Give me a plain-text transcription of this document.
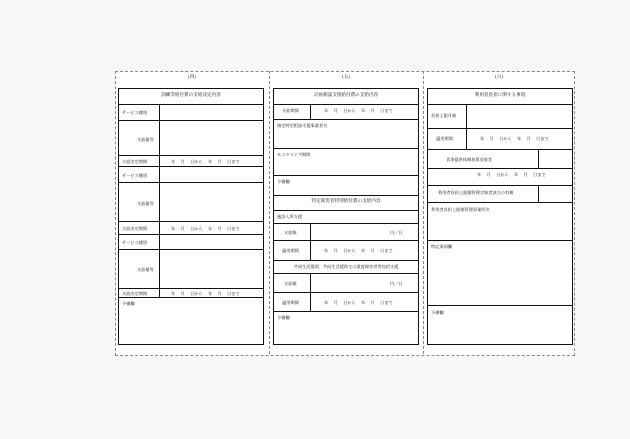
(四)	(五)	(六)
訓練等給付費の支給決定内容
サービス種別
支給量等
支給決定期間	年 月 日から 年 月 日まで
サービス種別
支給量等
支給決定期間	年 月 日から 年 月 日まで
サービス種別
支給量等
支給決定期間	年 月 日から 年 月 日まで
予備欄
計画相談支援給付費の支給内容
支給期間	年 月 日から 年 月 日まで
指定特定相談支援事業者名
モニタリング期間
予備欄
特定障害者特別給付費の支給内容
施設入所支援
支給額	円／日
適用期間	年 月 日から 年 月 日まで
共同生活援助、共同生活援助又は重度障害者等包括支援
支給額	円／日
適用期間	年 月 日から 年 月 日まで
予備欄
利用者負担に関する事項
負担上限月額
適用期間	年 月 日から 年 月 日まで
食事提供体制加算対象者
年 月 日から 年 月 日まで
利用者負担上限額管理対象者該当の有無
利用者負担上限額管理事業所名
特記事項欄
予備欄
